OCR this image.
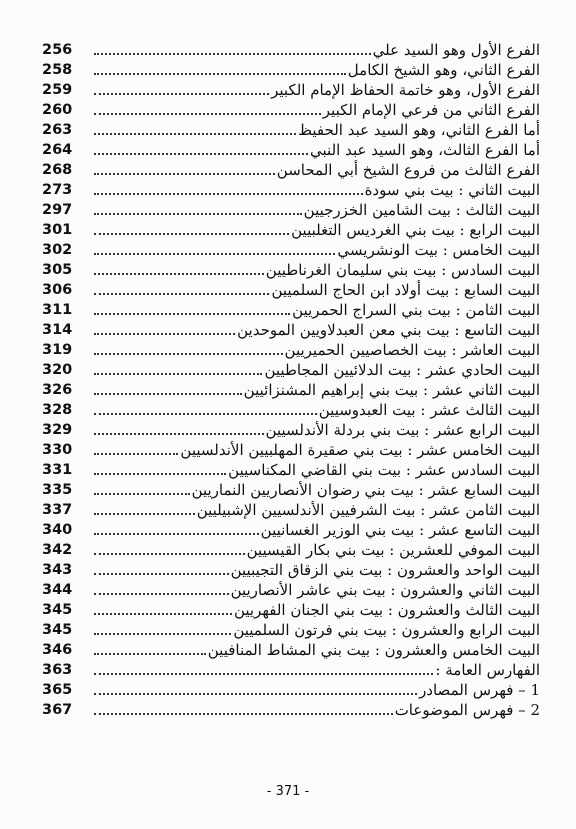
256	الفرع الأول وهو السيد علي
258	الفرع الثاني، وهو الشيخ الكامل
259	الفرع الأول، وهو خاتمة الحفاظ الإمام الكبير
260	الفرع الثاني من فرعي الإمام الكبير
263	أما الفرع الثاني، وهو السيد عبد الحفيظ
264	أما الفرع الثالث، وهو السيد عبد النبي
268	الفرع الثالث من فروع الشيخ أبي المحاسن
273	البيت الثاني : بيت بني سودة
297	البيت الثالث : بيت الشامين الخزرجيين
301	البيت الرابع : بيت بني الغرديس التغلبيين
302	البيت الخامس : بيت الونشريسي
305	البيت السادس : بيت بني سليمان الغرناطيين
306	البيت السابع : بيت أولاد ابن الحاج السلميين
311	البيت الثامن : بيت بني السراج الحمريين
314	البيت التاسع : بيت بني معن العبدلاويين الموحدين
319	البيت العاشر : بيت الخصاصيين الحميريين
320	البيت الحادي عشر : بيت الدلائيين المجاطيين
326	البيت الثاني عشر : بيت بني إبراهيم المشنزائيين
328	البيت الثالث عشر : بيت العبدوسيين
329	البيت الرابع عشر : بيت بني بردلة الأندلسيين
330	البيت الخامس عشر : بيت بني صقيرة المهلبيين الأندلسيين
331	البيت السادس عشر : بيت بني القاضي المكناسيين
335	البيت السابع عشر : بيت بني رضوان الأنصاريين النماريين
337	البيت الثامن عشر : بيت الشرفيين الأندلسيين الإشبيليين
340	البيت التاسع عشر : بيت بني الوزير الغسانيين
342	البيت الموفي للعشرين : بيت بني بكار القيسيين
343	البيت الواحد والعشرون : بيت بني الزقاق التجيبيين
344	البيت الثاني والعشرون : بيت بني عاشر الأنصاريين
345	البيت الثالث والعشرون : بيت بني الجنان الفهريين
345	البيت الرابع والعشرون : بيت بني فرتون السلميين
346	البيت الخامس والعشرون : بيت بني المشاط المنافيين
363	الفهارس العامة :
365	1 – فهرس المصادر
367	2 – فهرس الموضوعات
- 371 -
